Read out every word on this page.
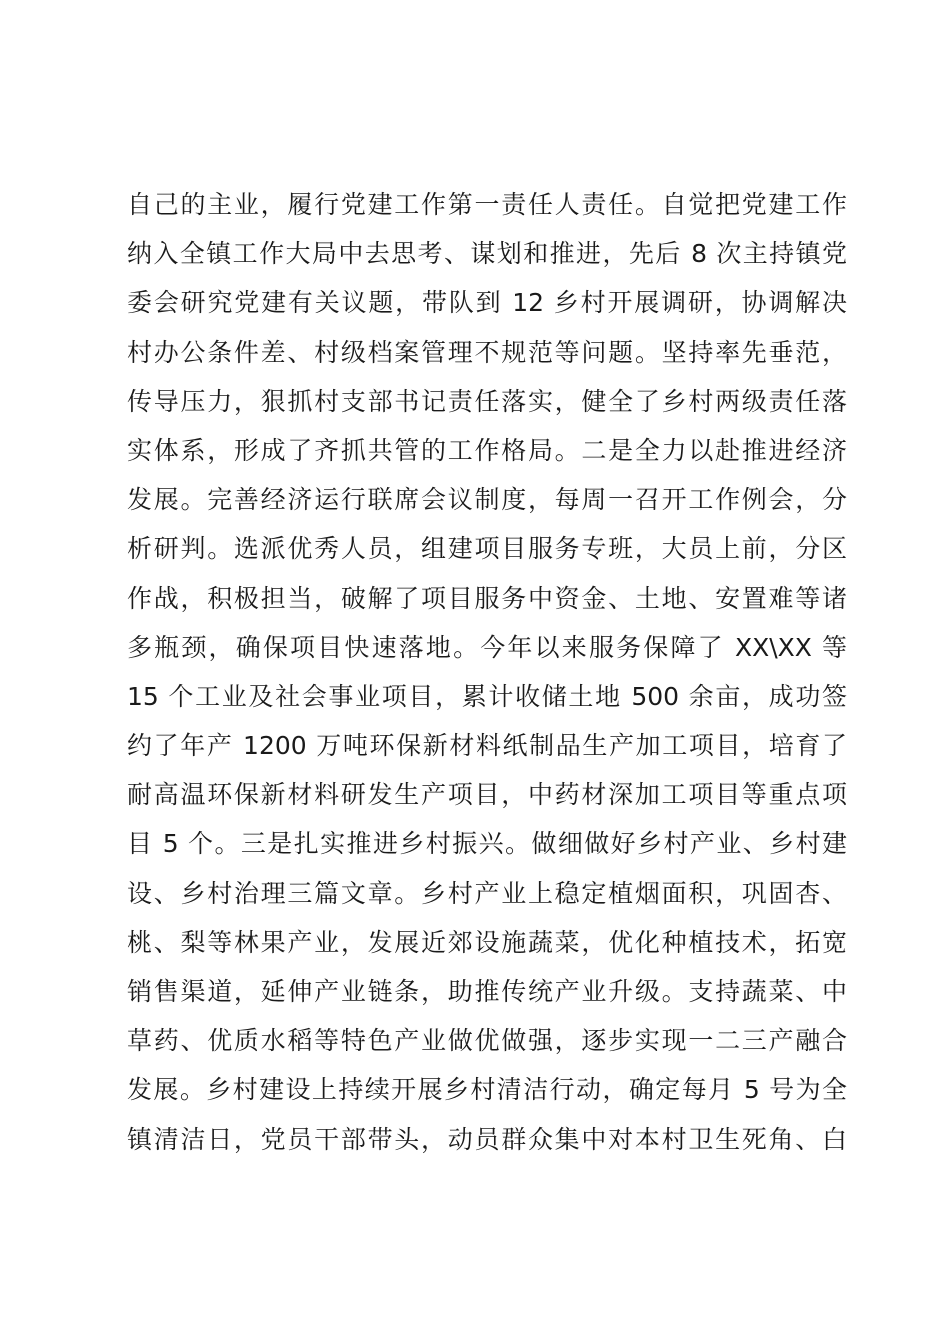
自己的主业，履行党建工作第一责任人责任。自觉把党建工作
纳入全镇工作大局中去思考、谋划和推进，先后 8 次主持镇党
委会研究党建有关议题，带队到 12 乡村开展调研，协调解决
村办公条件差、村级档案管理不规范等问题。坚持率先垂范，
传导压力，狠抓村支部书记责任落实，健全了乡村两级责任落
实体系，形成了齐抓共管的工作格局。二是全力以赴推进经济
发展。完善经济运行联席会议制度，每周一召开工作例会，分
析研判。选派优秀人员，组建项目服务专班，大员上前，分区
作战，积极担当，破解了项目服务中资金、土地、安置难等诸
多瓶颈，确保项目快速落地。今年以来服务保障了 XX\XX 等
15 个工业及社会事业项目，累计收储土地 500 余亩，成功签
约了年产 1200 万吨环保新材料纸制品生产加工项目，培育了
耐高温环保新材料研发生产项目，中药材深加工项目等重点项
目 5 个。三是扎实推进乡村振兴。做细做好乡村产业、乡村建
设、乡村治理三篇文章。乡村产业上稳定植烟面积，巩固杏、
桃、梨等林果产业，发展近郊设施蔬菜，优化种植技术，拓宽
销售渠道，延伸产业链条，助推传统产业升级。支持蔬菜、中
草药、优质水稻等特色产业做优做强，逐步实现一二三产融合
发展。乡村建设上持续开展乡村清洁行动，确定每月 5 号为全
镇清洁日，党员干部带头，动员群众集中对本村卫生死角、白
